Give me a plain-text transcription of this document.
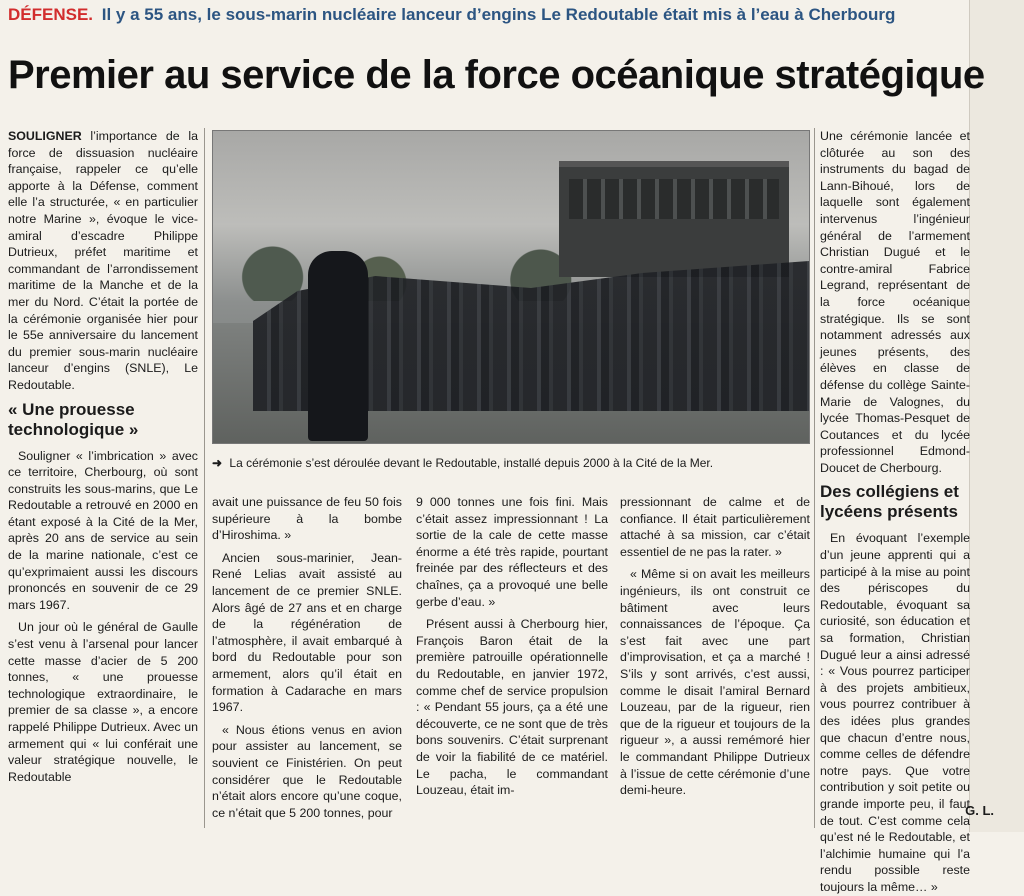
DÉFENSE. Il y a 55 ans, le sous-marin nucléaire lanceur d’engins Le Redoutable était mis à l’eau à Cherbourg
Premier au service de la force océanique stratégique

SOULIGNER l’importance de la force de dissuasion nucléaire française, rappeler ce qu’elle apporte à la Défense, comment elle l’a structurée, « en particulier notre Marine », évoque le vice-amiral d’escadre Philippe Dutrieux, préfet maritime et commandant de l’arrondissement maritime de la Manche et de la mer du Nord. C’était la portée de la cérémonie organisée hier pour le 55e anniversaire du lancement du premier sous-marin nucléaire lanceur d’engins (SNLE), Le Redoutable.

« Une prouesse technologique »

Souligner « l’imbrication » avec ce territoire, Cherbourg, où sont construits les sous-marins, que Le Redoutable a retrouvé en 2000 en étant exposé à la Cité de la Mer, après 20 ans de service au sein de la marine nationale, c’est ce qu’exprimaient aussi les discours prononcés en souvenir de ce 29 mars 1967.

Un jour où le général de Gaulle s’est venu à l’arsenal pour lancer cette masse d’acier de 5 200 tonnes, « une prouesse technologique extraordinaire, le premier de sa classe », a encore rappelé Philippe Dutrieux. Avec un armement qui « lui conférait une valeur stratégique nouvelle, le Redoutable

➜ La cérémonie s’est déroulée devant le Redoutable, installé depuis 2000 à la Cité de la Mer.

avait une puissance de feu 50 fois supérieure à la bombe d’Hiroshima. »

Ancien sous-marinier, Jean-René Lelias avait assisté au lancement de ce premier SNLE. Alors âgé de 27 ans et en charge de la régénération de l’atmosphère, il avait embarqué à bord du Redoutable pour son armement, alors qu’il était en formation à Cadarache en mars 1967.

« Nous étions venus en avion pour assister au lancement, se souvient ce Finistérien. On peut considérer que le Redoutable n’était alors encore qu’une coque, ce n’était que 5 200 tonnes, pour

9 000 tonnes une fois fini. Mais c’était assez impressionnant ! La sortie de la cale de cette masse énorme a été très rapide, pourtant freinée par des réflecteurs et des chaînes, ça a provoqué une belle gerbe d’eau. »

Présent aussi à Cherbourg hier, François Baron était de la première patrouille opérationnelle du Redoutable, en janvier 1972, comme chef de service propulsion : « Pendant 55 jours, ça a été une découverte, ce ne sont que de très bons souvenirs. C’était surprenant de voir la fiabilité de ce matériel. Le pacha, le commandant Louzeau, était im-

pressionnant de calme et de confiance. Il était particulièrement attaché à sa mission, car c’était essentiel de ne pas la rater. »

« Même si on avait les meilleurs ingénieurs, ils ont construit ce bâtiment avec leurs connaissances de l’époque. Ça s’est fait avec une part d’improvisation, et ça a marché ! S’ils y sont arrivés, c’est aussi, comme le disait l’amiral Bernard Louzeau, par de la rigueur, rien que de la rigueur et toujours de la rigueur », a aussi remémoré hier le commandant Philippe Dutrieux à l’issue de cette cérémonie d’une demi-heure.

Une cérémonie lancée et clôturée au son des instruments du bagad de Lann-Bihoué, lors de laquelle sont également intervenus l’ingénieur général de l’armement Christian Dugué et le contre-amiral Fabrice Legrand, représentant de la force océanique stratégique. Ils se sont notamment adressés aux jeunes présents, des élèves en classe de défense du collège Sainte-Marie de Valognes, du lycée Thomas-Pesquet de Coutances et du lycée professionnel Edmond-Doucet de Cherbourg.

Des collégiens et lycéens présents

En évoquant l’exemple d’un jeune apprenti qui a participé à la mise au point des périscopes du Redoutable, évoquant sa curiosité, son éducation et sa formation, Christian Dugué leur a ainsi adressé : « Vous pourrez participer à des projets ambitieux, vous pourrez contribuer à des idées plus grandes que chacun d’entre nous, comme celles de défendre notre pays. Que votre contribution y soit petite ou grande importe peu, il faut de tout. C’est comme cela qu’est né le Redoutable, et l’alchimie humaine qui l’a rendu possible reste toujours la même… »

G. L.
